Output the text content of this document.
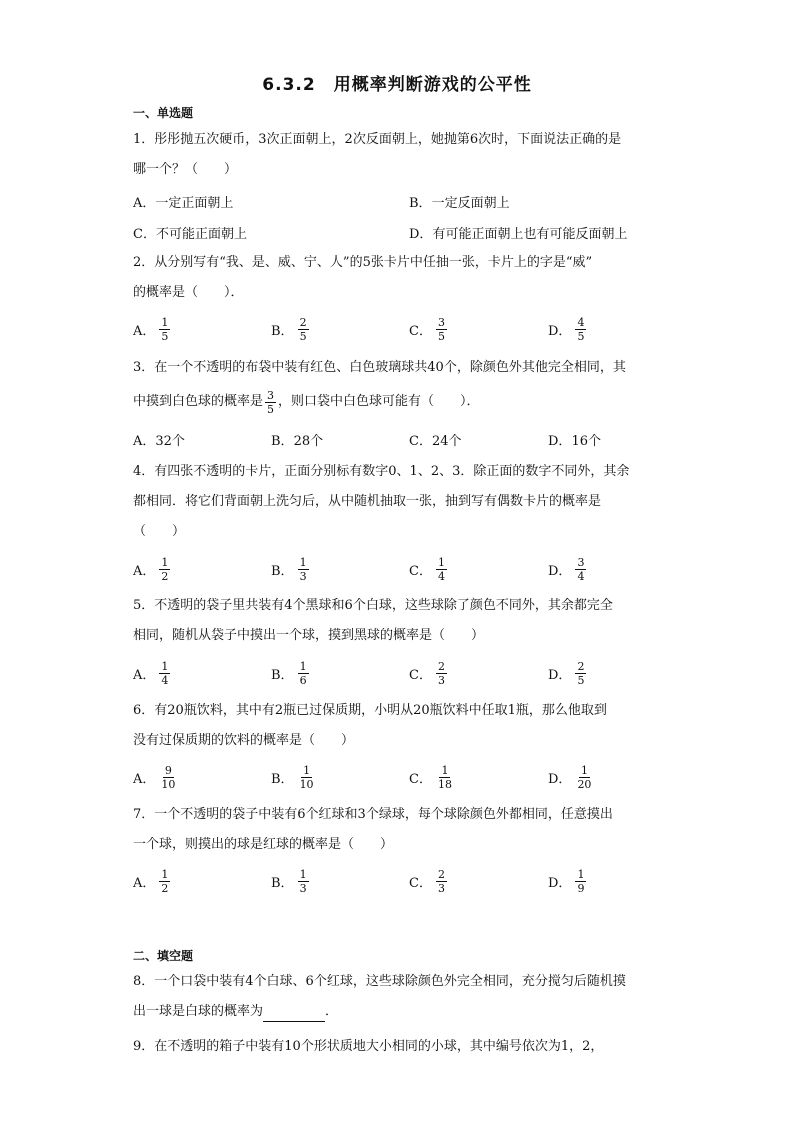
6.3.2　用概率判断游戏的公平性
一、单选题
1．彤彤抛五次硬币，3次正面朝上，2次反面朝上，她抛第6次时，下面说法正确的是
哪一个？（　　）
A． 一定正面朝上	B． 一定反面朝上
C． 不可能正面朝上	D． 有可能正面朝上也有可能反面朝上
2．从分别写有“我、是、威、宁、人”的5张卡片中任抽一张，卡片上的字是“威”
的概率是（　　）．
A． $\frac{1}{5}$	B． $\frac{2}{5}$	C． $\frac{3}{5}$	D． $\frac{4}{5}$
3．在一个不透明的布袋中装有红色、白色玻璃球共40个，除颜色外其他完全相同，其
中摸到白色球的概率是 $\frac{3}{5}$ ，则口袋中白色球可能有（　　）．
A． 32个	B． 28个	C． 24个	D． 16个
4．有四张不透明的卡片，正面分别标有数字0、1、2、3．除正面的数字不同外，其余
都相同．将它们背面朝上洗匀后，从中随机抽取一张，抽到写有偶数卡片的概率是
（　　）
A． $\frac{1}{2}$	B． $\frac{1}{3}$	C． $\frac{1}{4}$	D． $\frac{3}{4}$
5．不透明的袋子里共装有4个黑球和6个白球，这些球除了颜色不同外，其余都完全
相同，随机从袋子中摸出一个球，摸到黑球的概率是（　　）
A． $\frac{1}{4}$	B． $\frac{1}{6}$	C． $\frac{2}{3}$	D． $\frac{2}{5}$
6．有20瓶饮料，其中有2瓶已过保质期，小明从20瓶饮料中任取1瓶，那么他取到
没有过保质期的饮料的概率是（　　）
A． $\frac{9}{10}$	B． $\frac{1}{10}$	C． $\frac{1}{18}$	D． $\frac{1}{20}$
7．一个不透明的袋子中装有6个红球和3个绿球，每个球除颜色外都相同，任意摸出
一个球，则摸出的球是红球的概率是（　　）
A． $\frac{1}{2}$	B． $\frac{1}{3}$	C． $\frac{2}{3}$	D． $\frac{1}{9}$
二、填空题
8．一个口袋中装有4个白球、6个红球，这些球除颜色外完全相同，充分搅匀后随机摸
出一球是白球的概率为	．
9．在不透明的箱子中装有10个形状质地大小相同的小球，其中编号依次为1，2，
